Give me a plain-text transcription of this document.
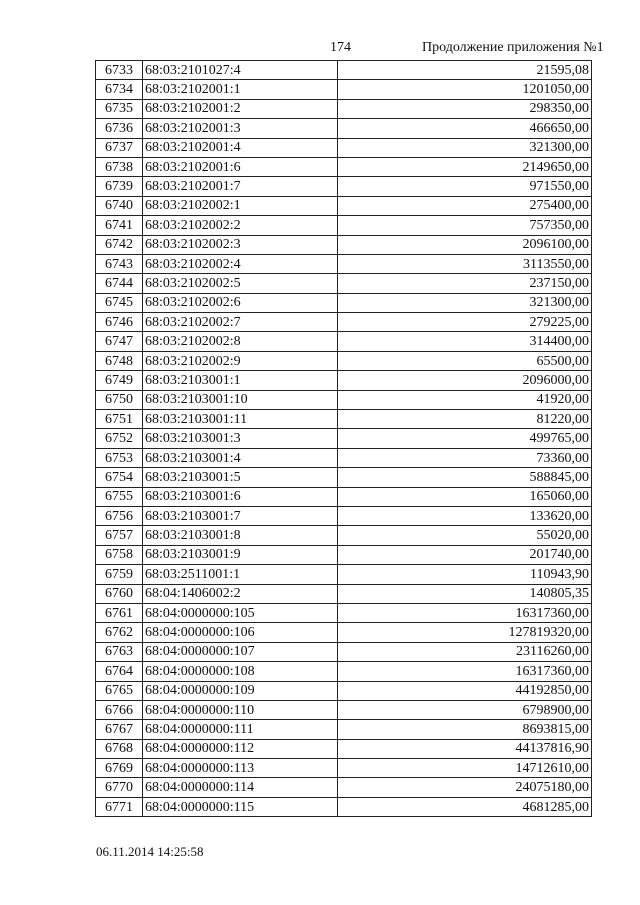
174	Продолжение приложения №1
6733	68:03:2101027:4	21595,08
6734	68:03:2102001:1	1201050,00
6735	68:03:2102001:2	298350,00
6736	68:03:2102001:3	466650,00
6737	68:03:2102001:4	321300,00
6738	68:03:2102001:6	2149650,00
6739	68:03:2102001:7	971550,00
6740	68:03:2102002:1	275400,00
6741	68:03:2102002:2	757350,00
6742	68:03:2102002:3	2096100,00
6743	68:03:2102002:4	3113550,00
6744	68:03:2102002:5	237150,00
6745	68:03:2102002:6	321300,00
6746	68:03:2102002:7	279225,00
6747	68:03:2102002:8	314400,00
6748	68:03:2102002:9	65500,00
6749	68:03:2103001:1	2096000,00
6750	68:03:2103001:10	41920,00
6751	68:03:2103001:11	81220,00
6752	68:03:2103001:3	499765,00
6753	68:03:2103001:4	73360,00
6754	68:03:2103001:5	588845,00
6755	68:03:2103001:6	165060,00
6756	68:03:2103001:7	133620,00
6757	68:03:2103001:8	55020,00
6758	68:03:2103001:9	201740,00
6759	68:03:2511001:1	110943,90
6760	68:04:1406002:2	140805,35
6761	68:04:0000000:105	16317360,00
6762	68:04:0000000:106	127819320,00
6763	68:04:0000000:107	23116260,00
6764	68:04:0000000:108	16317360,00
6765	68:04:0000000:109	44192850,00
6766	68:04:0000000:110	6798900,00
6767	68:04:0000000:111	8693815,00
6768	68:04:0000000:112	44137816,90
6769	68:04:0000000:113	14712610,00
6770	68:04:0000000:114	24075180,00
6771	68:04:0000000:115	4681285,00
06.11.2014 14:25:58
